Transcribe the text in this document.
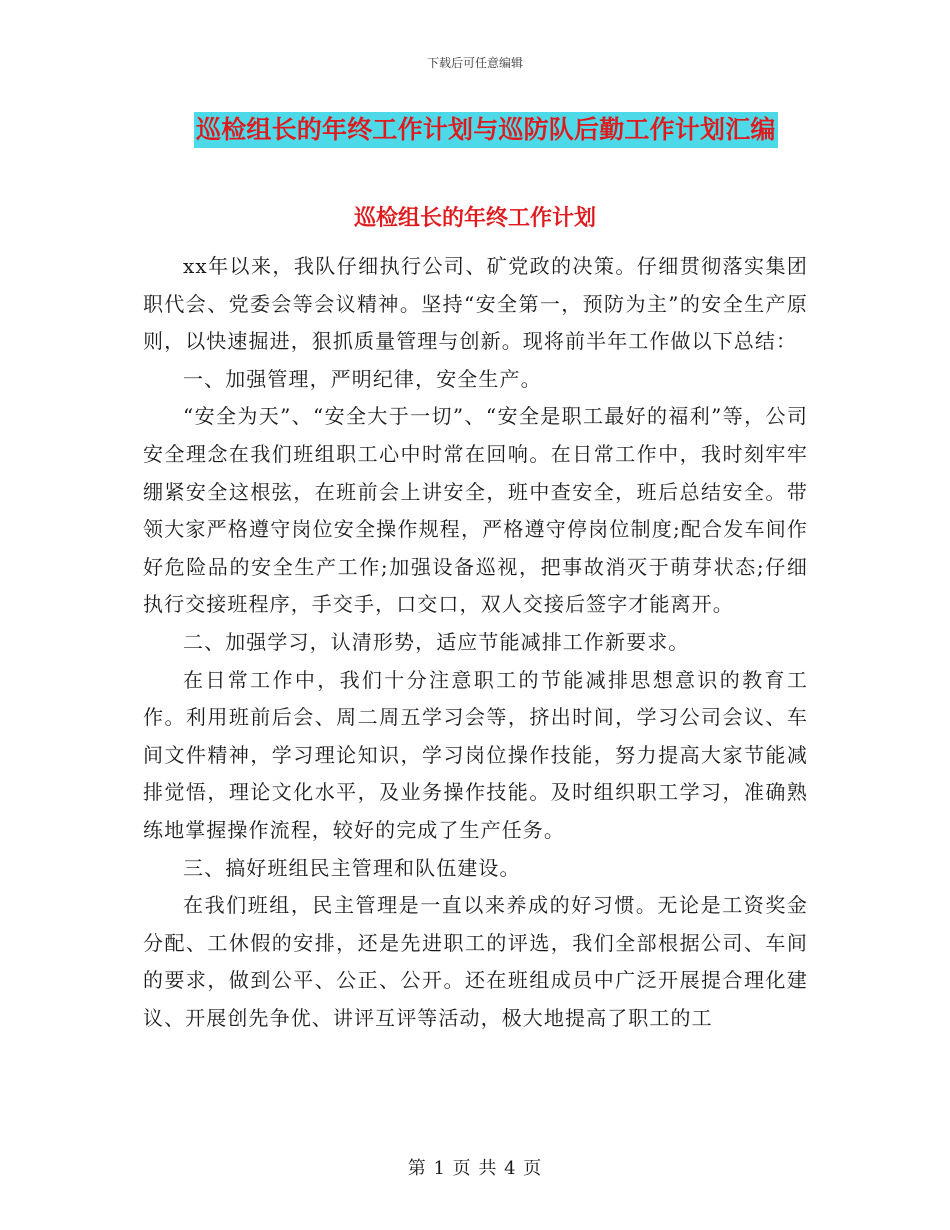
下载后可任意编辑
巡检组长的年终工作计划与巡防队后勤工作计划汇编
巡检组长的年终工作计划

xx年以来，我队仔细执行公司、矿党政的决策。仔细贯彻落实集团职代会、党委会等会议精神。坚持“安全第一，预防为主”的安全生产原则，以快速掘进，狠抓质量管理与创新。现将前半年工作做以下总结：

一、加强管理，严明纪律，安全生产。

“安全为天”、“安全大于一切”、“安全是职工最好的福利”等，公司安全理念在我们班组职工心中时常在回响。在日常工作中，我时刻牢牢绷紧安全这根弦，在班前会上讲安全，班中查安全，班后总结安全。带领大家严格遵守岗位安全操作规程，严格遵守停岗位制度;配合发车间作好危险品的安全生产工作;加强设备巡视，把事故消灭于萌芽状态;仔细执行交接班程序，手交手，口交口，双人交接后签字才能离开。

二、加强学习，认清形势，适应节能减排工作新要求。

在日常工作中，我们十分注意职工的节能减排思想意识的教育工作。利用班前后会、周二周五学习会等，挤出时间，学习公司会议、车间文件精神，学习理论知识，学习岗位操作技能，努力提高大家节能减排觉悟，理论文化水平，及业务操作技能。及时组织职工学习，准确熟练地掌握操作流程，较好的完成了生产任务。

三、搞好班组民主管理和队伍建设。

在我们班组，民主管理是一直以来养成的好习惯。无论是工资奖金分配、工休假的安排，还是先进职工的评选，我们全部根据公司、车间的要求，做到公平、公正、公开。还在班组成员中广泛开展提合理化建议、开展创先争优、讲评互评等活动，极大地提高了职工的工

第 1 页 共 4 页
